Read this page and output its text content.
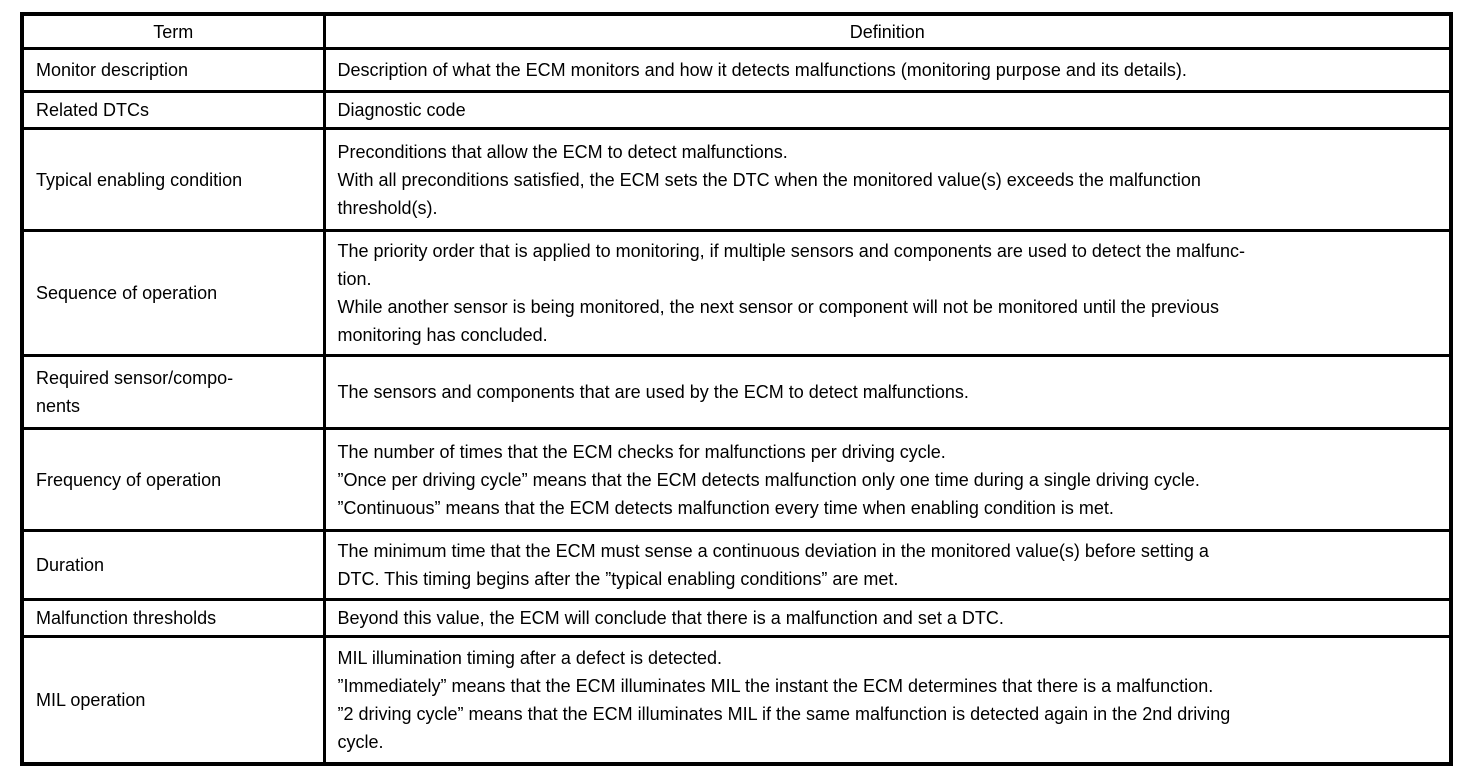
Term	Definition

Monitor description	Description of what the ECM monitors and how it detects malfunctions (monitoring purpose and its details).

Related DTCs	Diagnostic code

Typical enabling condition	Preconditions that allow the ECM to detect malfunctions.
With all preconditions satisfied, the ECM sets the DTC when the monitored value(s) exceeds the malfunction
threshold(s).

Sequence of operation	The priority order that is applied to monitoring, if multiple sensors and components are used to detect the malfunc-
tion.
While another sensor is being monitored, the next sensor or component will not be monitored until the previous
monitoring has concluded.

Required sensor/compo-
nents	The sensors and components that are used by the ECM to detect malfunctions.

Frequency of operation	The number of times that the ECM checks for malfunctions per driving cycle.
”Once per driving cycle” means that the ECM detects malfunction only one time during a single driving cycle.
”Continuous” means that the ECM detects malfunction every time when enabling condition is met.

Duration	The minimum time that the ECM must sense a continuous deviation in the monitored value(s) before setting a
DTC. This timing begins after the ”typical enabling conditions” are met.

Malfunction thresholds	Beyond this value, the ECM will conclude that there is a malfunction and set a DTC.

MIL operation	MIL illumination timing after a defect is detected.
”Immediately” means that the ECM illuminates MIL the instant the ECM determines that there is a malfunction.
”2 driving cycle” means that the ECM illuminates MIL if the same malfunction is detected again in the 2nd driving
cycle.
